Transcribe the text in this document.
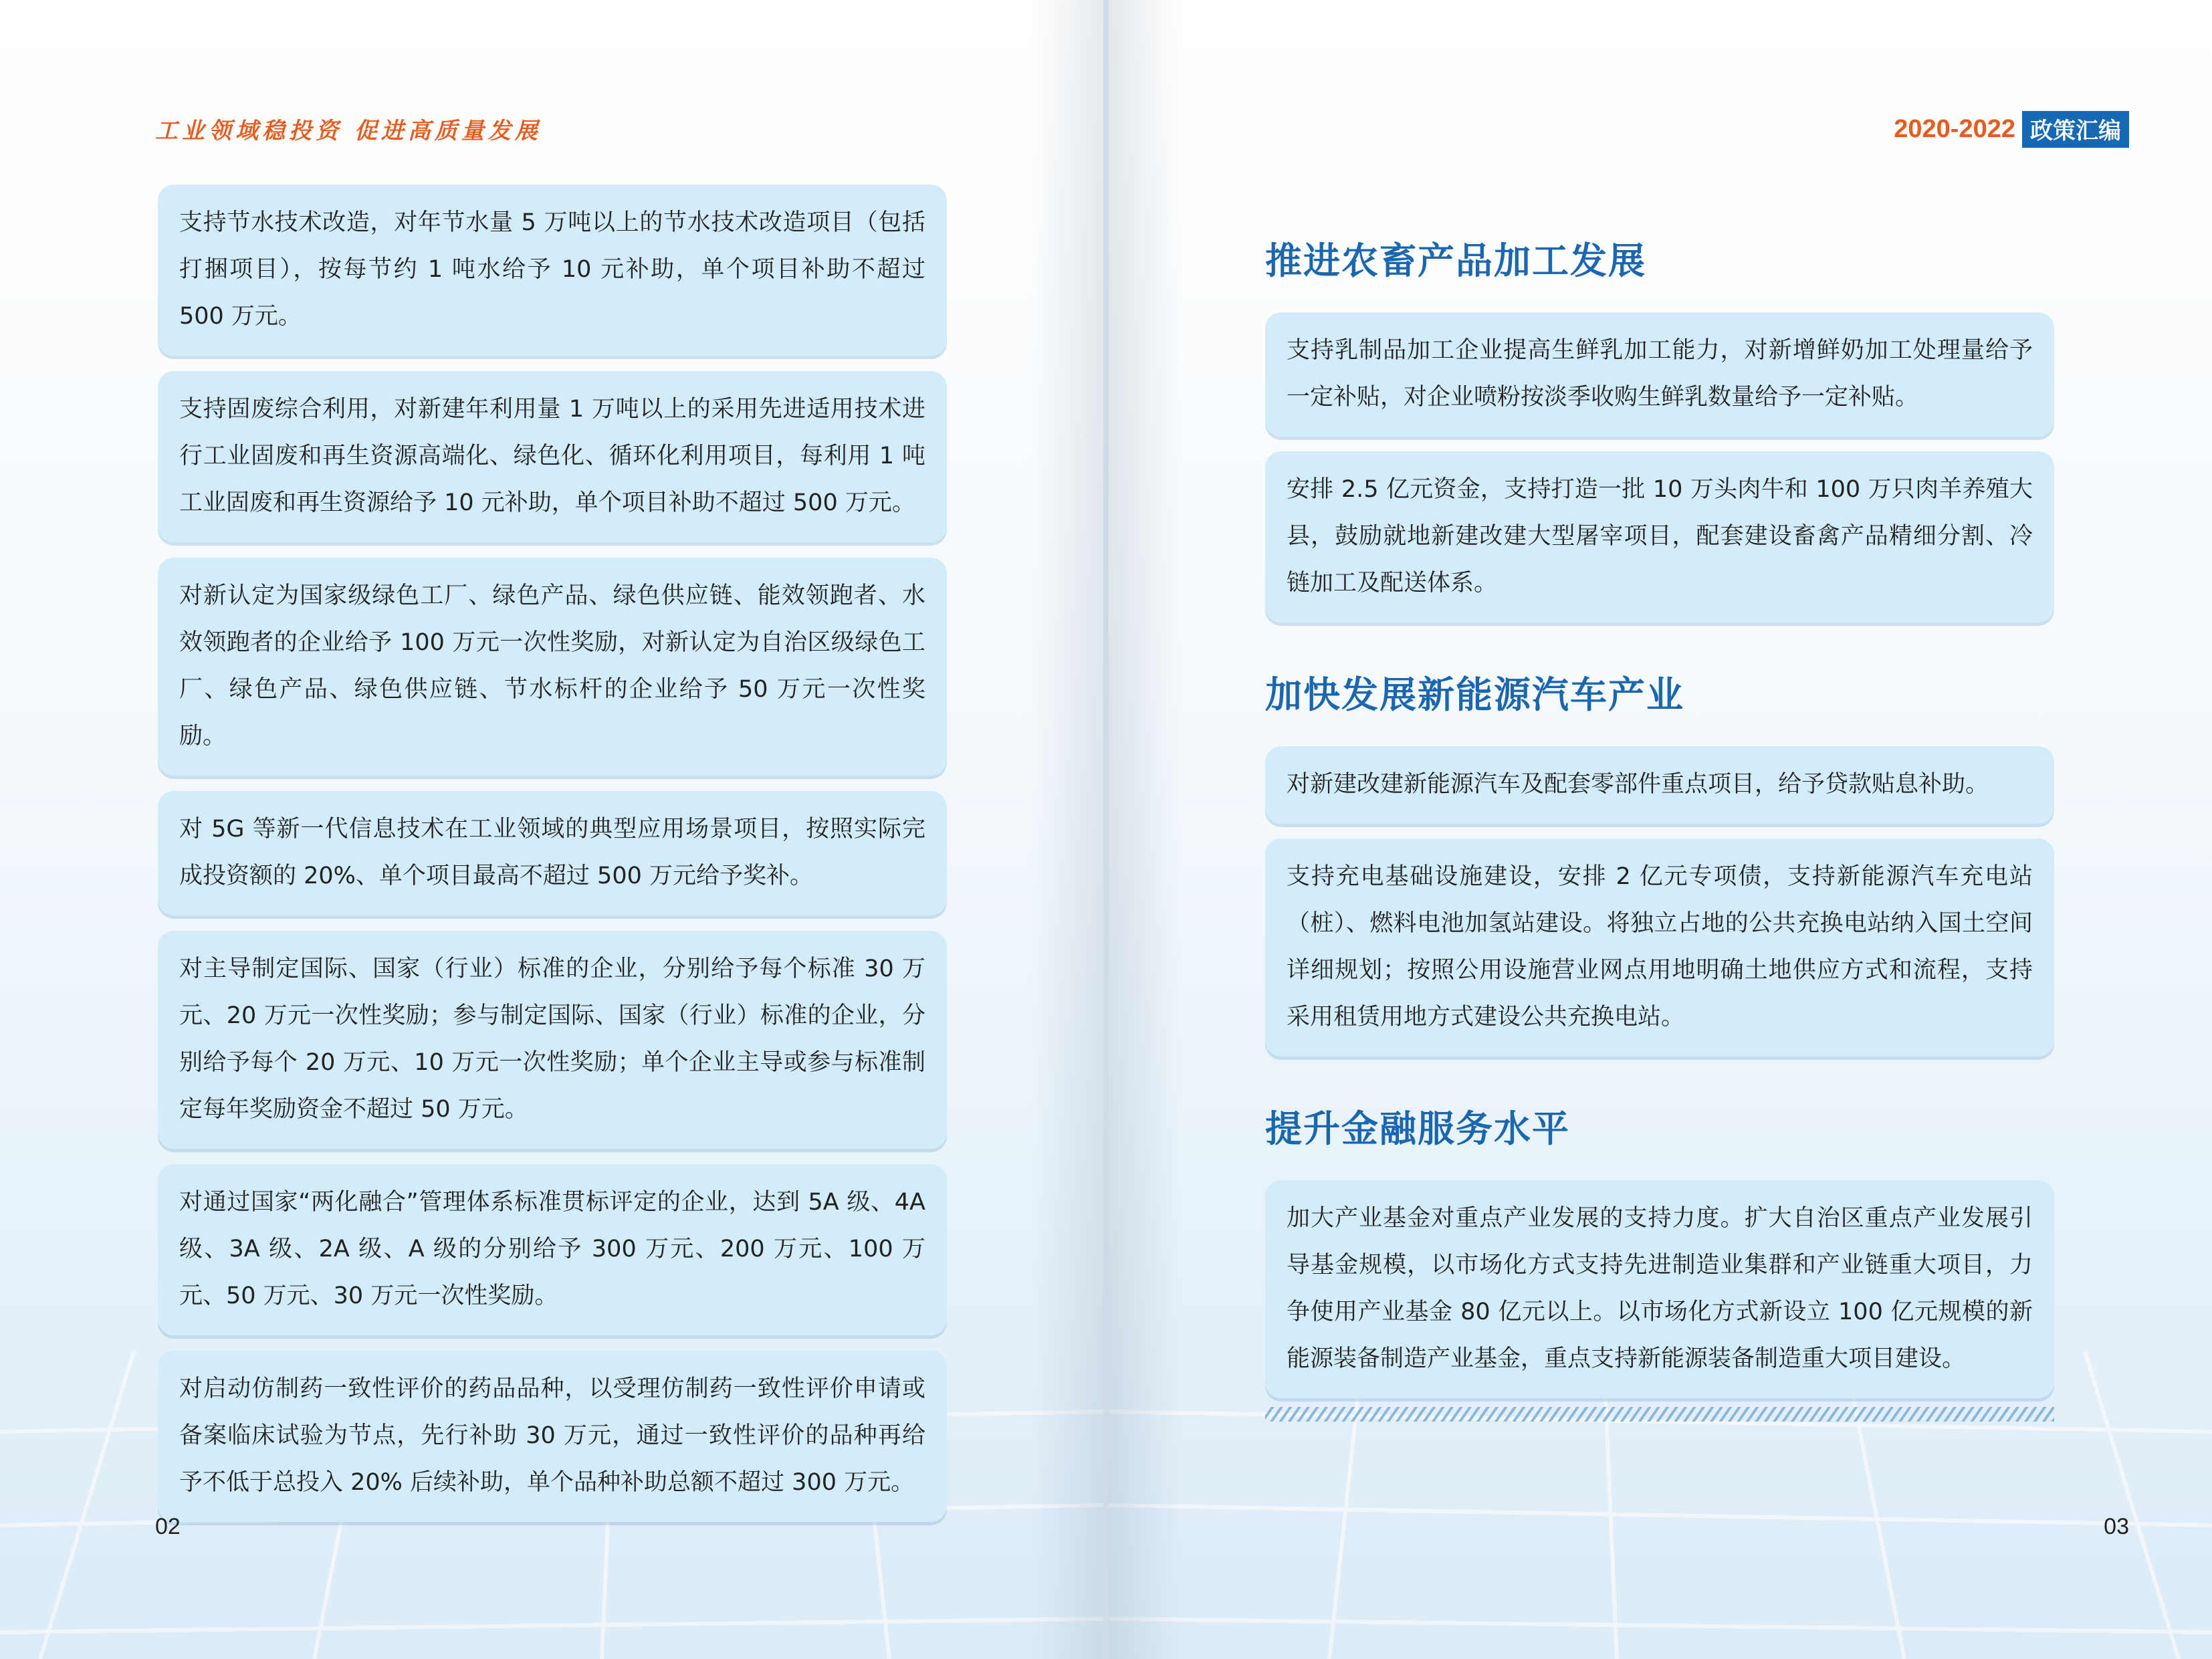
工业领域稳投资 促进高质量发展
支持节水技术改造，对年节水量 5 万吨以上的节水技术改造项目（包括打捆项目），按每节约 1 吨水给予 10 元补助，单个项目补助不超过 500 万元。
支持固废综合利用，对新建年利用量 1 万吨以上的采用先进适用技术进行工业固废和再生资源高端化、绿色化、循环化利用项目，每利用 1 吨工业固废和再生资源给予 10 元补助，单个项目补助不超过 500 万元。
对新认定为国家级绿色工厂、绿色产品、绿色供应链、能效领跑者、水效领跑者的企业给予 100 万元一次性奖励，对新认定为自治区级绿色工厂、绿色产品、绿色供应链、节水标杆的企业给予 50 万元一次性奖励。
对 5G 等新一代信息技术在工业领域的典型应用场景项目，按照实际完成投资额的 20%、单个项目最高不超过 500 万元给予奖补。
对主导制定国际、国家（行业）标准的企业，分别给予每个标准 30 万元、20 万元一次性奖励；参与制定国际、国家（行业）标准的企业，分别给予每个 20 万元、10 万元一次性奖励；单个企业主导或参与标准制定每年奖励资金不超过 50 万元。
对通过国家“两化融合”管理体系标准贯标评定的企业，达到 5A 级、4A 级、3A 级、2A 级、A 级的分别给予 300 万元、200 万元、100 万元、50 万元、30 万元一次性奖励。
对启动仿制药一致性评价的药品品种，以受理仿制药一致性评价申请或备案临床试验为节点，先行补助 30 万元，通过一致性评价的品种再给予不低于总投入 20% 后续补助，单个品种补助总额不超过 300 万元。
02
2020-2022 政策汇编
推进农畜产品加工发展
支持乳制品加工企业提高生鲜乳加工能力，对新增鲜奶加工处理量给予一定补贴，对企业喷粉按淡季收购生鲜乳数量给予一定补贴。
安排 2.5 亿元资金，支持打造一批 10 万头肉牛和 100 万只肉羊养殖大县，鼓励就地新建改建大型屠宰项目，配套建设畜禽产品精细分割、冷链加工及配送体系。
加快发展新能源汽车产业
对新建改建新能源汽车及配套零部件重点项目，给予贷款贴息补助。
支持充电基础设施建设，安排 2 亿元专项债，支持新能源汽车充电站（桩）、燃料电池加氢站建设。将独立占地的公共充换电站纳入国土空间详细规划；按照公用设施营业网点用地明确土地供应方式和流程，支持采用租赁用地方式建设公共充换电站。
提升金融服务水平
加大产业基金对重点产业发展的支持力度。扩大自治区重点产业发展引导基金规模，以市场化方式支持先进制造业集群和产业链重大项目，力争使用产业基金 80 亿元以上。以市场化方式新设立 100 亿元规模的新能源装备制造产业基金，重点支持新能源装备制造重大项目建设。
03
